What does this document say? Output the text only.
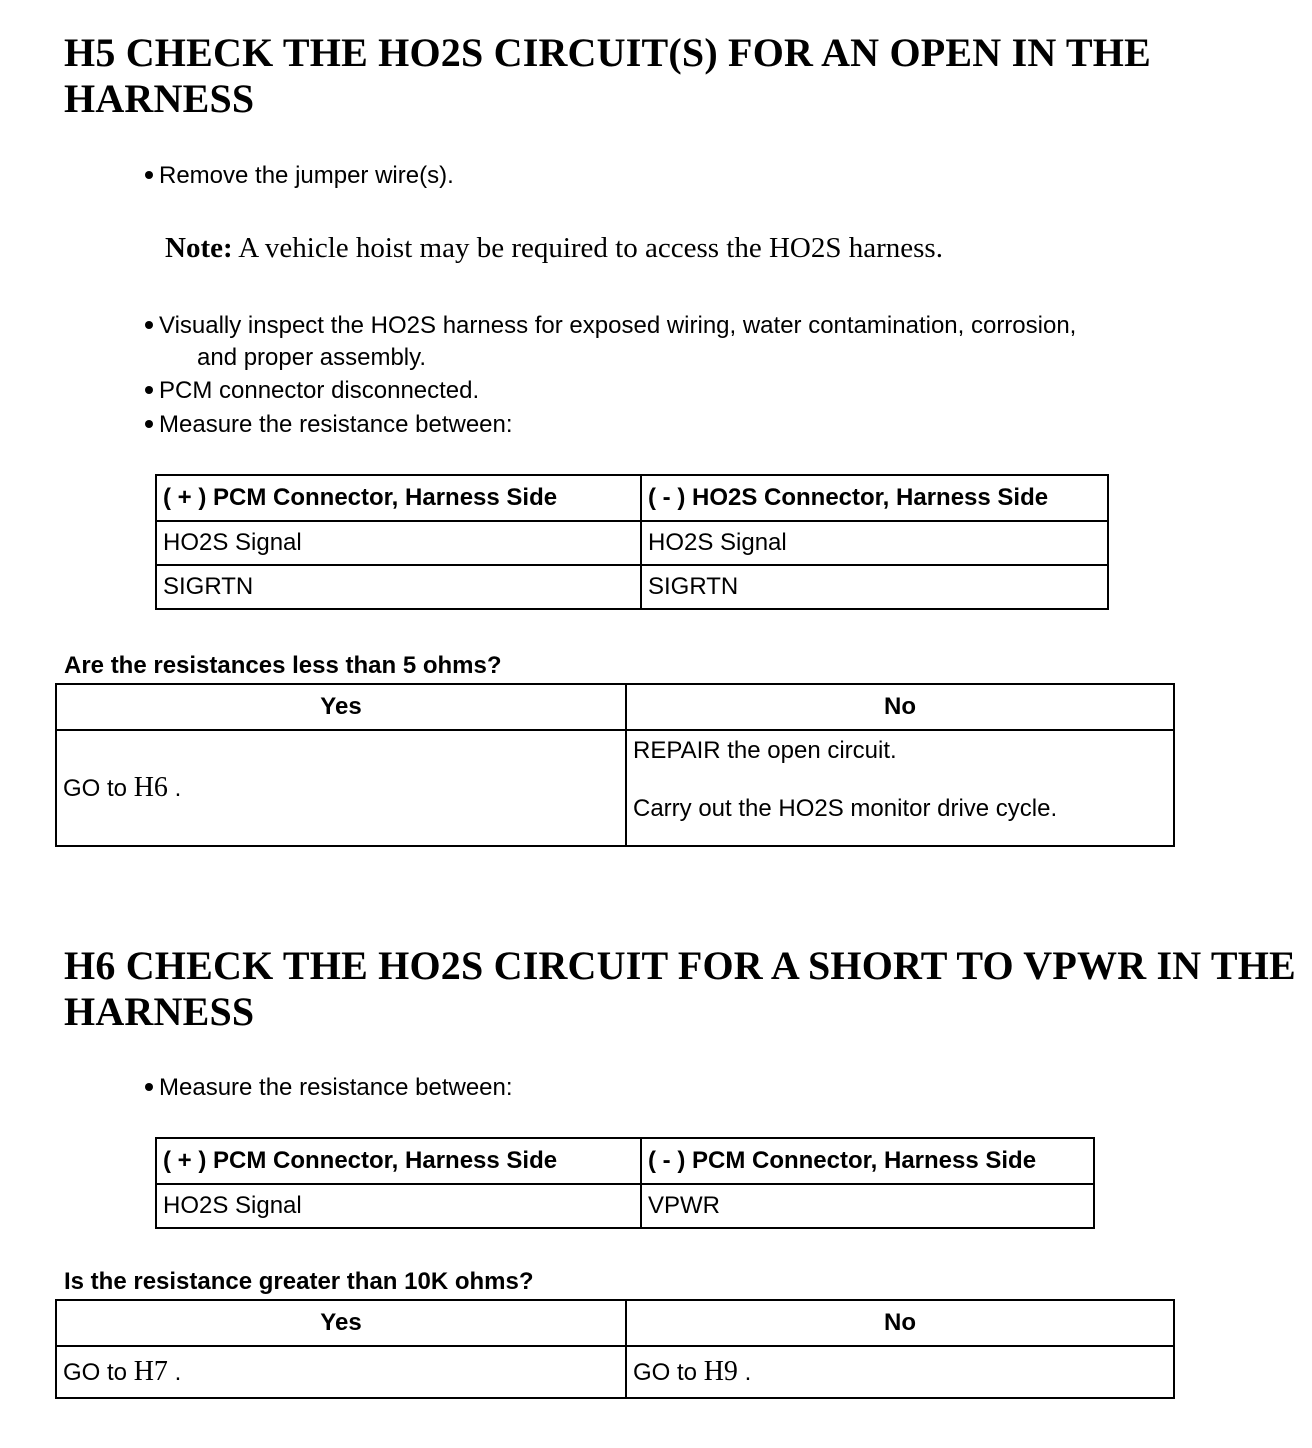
H5 CHECK THE HO2S CIRCUIT(S) FOR AN OPEN IN THE
HARNESS
Remove the jumper wire(s).
Note: A vehicle hoist may be required to access the HO2S harness.
Visually inspect the HO2S harness for exposed wiring, water contamination, corrosion,
and proper assembly.
PCM connector disconnected.
Measure the resistance between:
( + ) PCM Connector, Harness Side	( - ) HO2S Connector, Harness Side
HO2S Signal	HO2S Signal
SIGRTN	SIGRTN
Are the resistances less than 5 ohms?
Yes	No
GO to H6 .	REPAIR the open circuit.
Carry out the HO2S monitor drive cycle.
H6 CHECK THE HO2S CIRCUIT FOR A SHORT TO VPWR IN THE
HARNESS
Measure the resistance between:
( + ) PCM Connector, Harness Side	( - ) PCM Connector, Harness Side
HO2S Signal	VPWR
Is the resistance greater than 10K ohms?
Yes	No
GO to H7 .	GO to H9 .
